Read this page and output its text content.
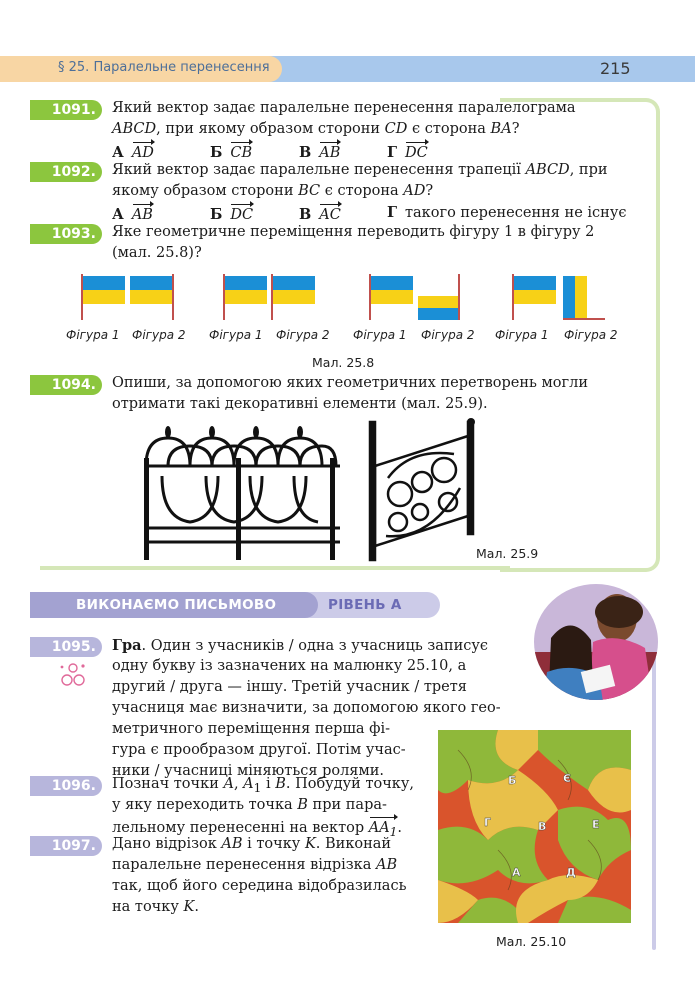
§ 25. Паралельне перенесення	215
1091.	Який вектор задає паралельне перенесення паралелограма
ABCD, при якому образом сторони CD є сторона BA?
А AD	Б CB	В AB	Г DC
1092.	Який вектор задає паралельне перенесення трапеції ABCD, при
якому образом сторони BC є сторона AD?
А AB	Б DC	В AC	Г такого перенесення не існує
1093.	Яке геометричне переміщення переводить фігуру 1 в фігуру 2
(мал. 25.8)?
Фігура 1 Фігура 2 Фігура 1 Фігура 2 Фігура 1 Фігура 2 Фігура 1 Фігура 2
Мал. 25.8
1094.	Опиши, за допомогою яких геометричних перетворень могли
отримати такі декоративні елементи (мал. 25.9).
Мал. 25.9
ВИКОНАЄМО ПИСЬМОВО	РІВЕНЬ А
1095.	Гра. Один з учасників / одна з учасниць записує
одну букву із зазначених на малюнку 25.10, а
другий / друга — іншу. Третій учасник / третя
учасниця має визначити, за допомогою якого гео-
метричного переміщення перша фі-
гура є прообразом другої. Потім учас-
ники / учасниці міняються ролями.
1096.	Познач точки A, $A_1$ і B. Побудуй точку,
у яку переходить точка B при пара-
лельному перенесенні на вектор $AA_1$.
1097.	Дано відрізок AB і точку K. Виконай
паралельне перенесення відрізка AB
так, щоб його середина відобразилась
на точку K.
Б	Є
Г	В	Е
А	Д
Мал. 25.10
